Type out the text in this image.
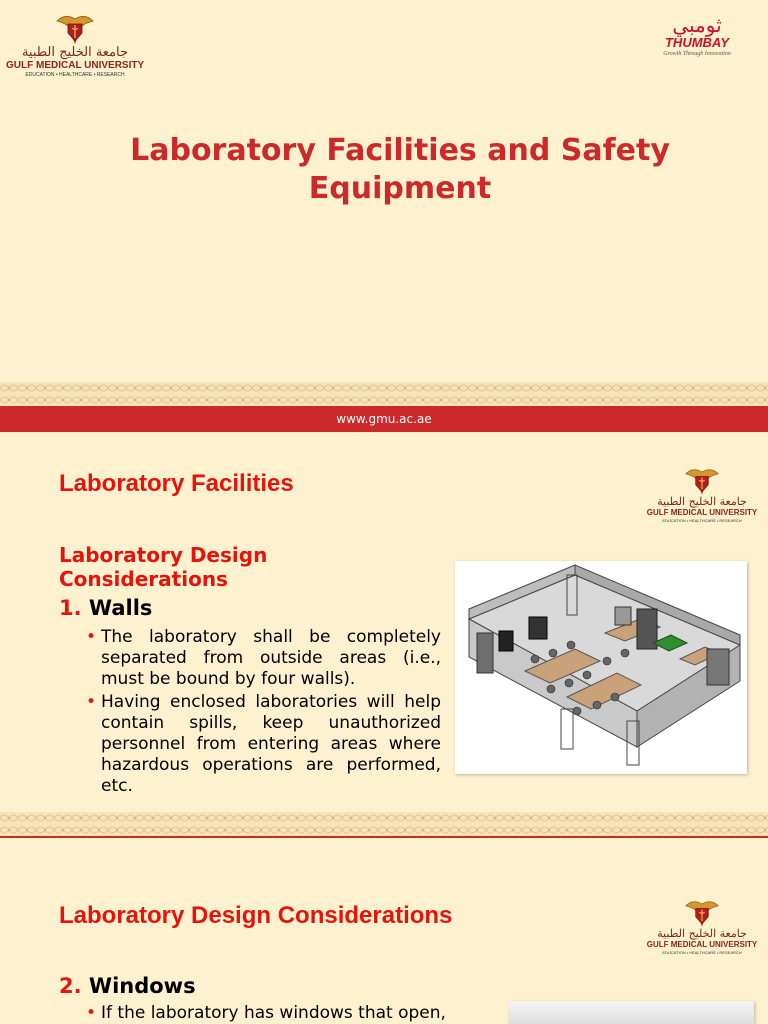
جامعة الخليج الطبية
GULF MEDICAL UNIVERSITY
EDUCATION • HEALTHCARE • RESEARCH
ثومبي
THUMBAY
Growth Through Innovation
Laboratory Facilities and Safety Equipment
www.gmu.ac.ae
Laboratory Facilities
جامعة الخليج الطبية
GULF MEDICAL UNIVERSITY
EDUCATION • HEALTHCARE • RESEARCH
Laboratory Design Considerations
1. Walls
• The laboratory shall be completely separated from outside areas (i.e., must be bound by four walls).
• Having enclosed laboratories will help contain spills, keep unauthorized personnel from entering areas where hazardous operations are performed, etc.
Laboratory Design Considerations
جامعة الخليج الطبية
GULF MEDICAL UNIVERSITY
EDUCATION • HEALTHCARE • RESEARCH
2. Windows
• If the laboratory has windows that open,
